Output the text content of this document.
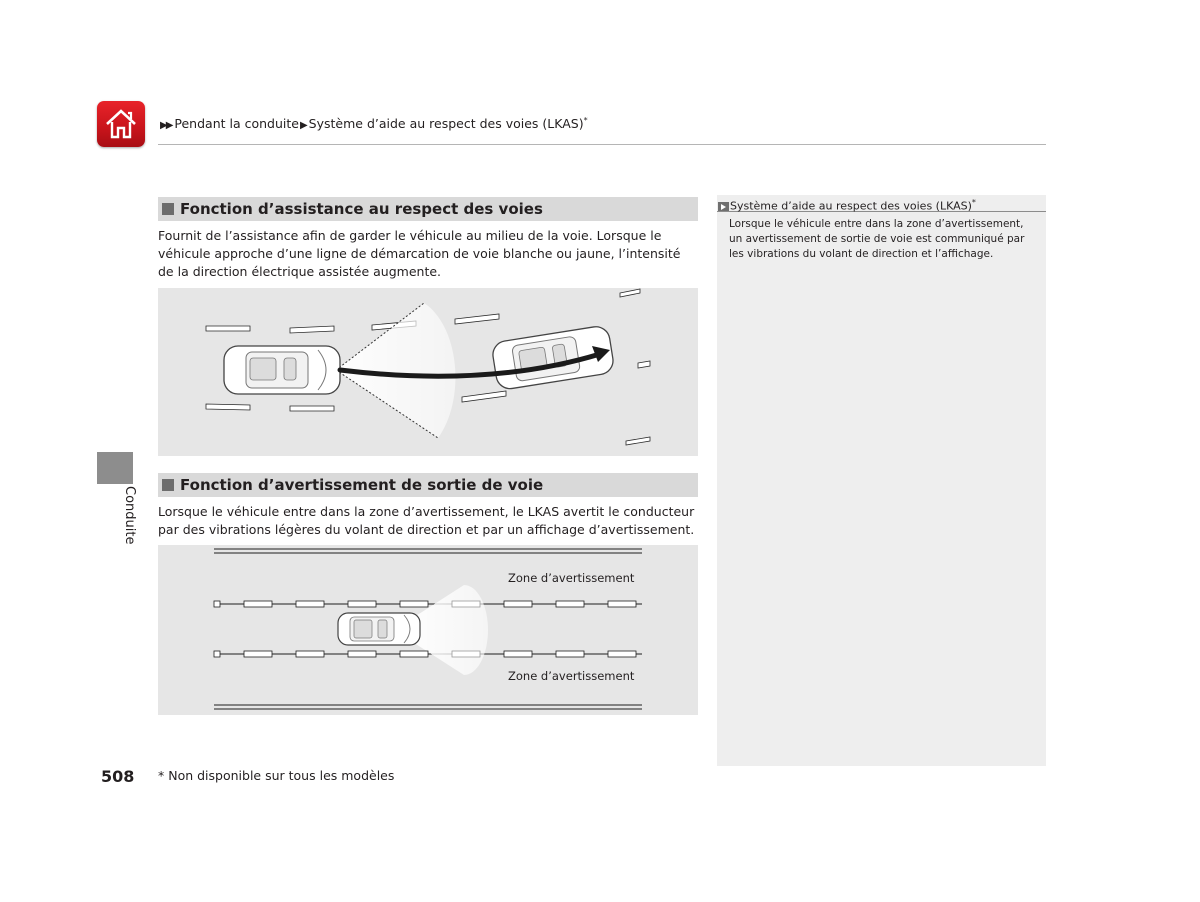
▶▶ Pendant la conduite▶Système d’aide au respect des voies (LKAS)*
Conduite
Fonction d’assistance au respect des voies

Fournit de l’assistance afin de garder le véhicule au milieu de la voie. Lorsque le véhicule approche d’une ligne de démarcation de voie blanche ou jaune, l’intensité de la direction électrique assistée augmente.

Fonction d’avertissement de sortie de voie

Lorsque le véhicule entre dans la zone d’avertissement, le LKAS avertit le conducteur par des vibrations légères du volant de direction et par un affichage d’avertissement.

Zone d’avertissement
Zone d’avertissement
Système d’aide au respect des voies (LKAS)*
Lorsque le véhicule entre dans la zone d’avertissement, un avertissement de sortie de voie est communiqué par les vibrations du volant de direction et l’affichage.
508 * Non disponible sur tous les modèles
